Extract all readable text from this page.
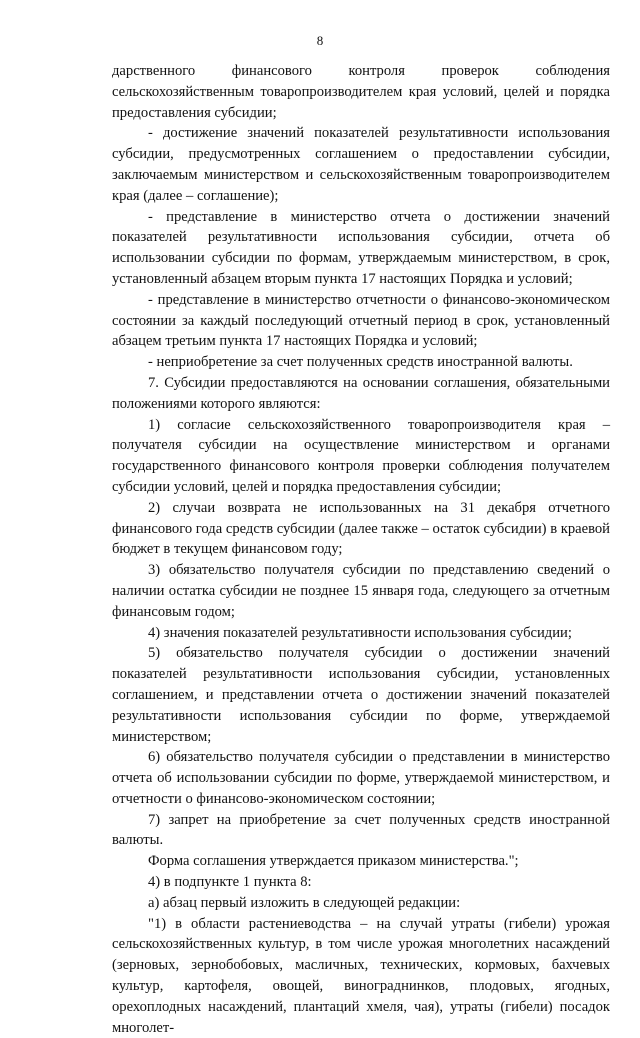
8

дарственного финансового контроля проверок соблюдения сельскохозяйственным товаропроизводителем края условий, целей и порядка предоставления субсидии;

- достижение значений показателей результативности использования субсидии, предусмотренных соглашением о предоставлении субсидии, заключаемым министерством и сельскохозяйственным товаропроизводителем края (далее – соглашение);

- представление в министерство отчета о достижении значений показателей результативности использования субсидии, отчета об использовании субсидии по формам, утверждаемым министерством, в срок, установленный абзацем вторым пункта 17 настоящих Порядка и условий;

- представление в министерство отчетности о финансово-экономическом состоянии за каждый последующий отчетный период в срок, установленный абзацем третьим пункта 17 настоящих Порядка и условий;

- неприобретение за счет полученных средств иностранной валюты.

7. Субсидии предоставляются на основании соглашения, обязательными положениями которого являются:

1) согласие сельскохозяйственного товаропроизводителя края – получателя субсидии на осуществление министерством и органами государственного финансового контроля проверки соблюдения получателем субсидии условий, целей и порядка предоставления субсидии;

2) случаи возврата не использованных на 31 декабря отчетного финансового года средств субсидии (далее также – остаток субсидии) в краевой бюджет в текущем финансовом году;

3) обязательство получателя субсидии по представлению сведений о наличии остатка субсидии не позднее 15 января года, следующего за отчетным финансовым годом;

4) значения показателей результативности использования субсидии;

5) обязательство получателя субсидии о достижении значений показателей результативности использования субсидии, установленных соглашением, и представлении отчета о достижении значений показателей результативности использования субсидии по форме, утверждаемой министерством;

6) обязательство получателя субсидии о представлении в министерство отчета об использовании субсидии по форме, утверждаемой министерством, и отчетности о финансово-экономическом состоянии;

7) запрет на приобретение за счет полученных средств иностранной валюты.

Форма соглашения утверждается приказом министерства.";

4) в подпункте 1 пункта 8:

а) абзац первый изложить в следующей редакции:

"1) в области растениеводства – на случай утраты (гибели) урожая сельскохозяйственных культур, в том числе урожая многолетних насаждений (зерновых, зернобобовых, масличных, технических, кормовых, бахчевых культур, картофеля, овощей, винограднинков, плодовых, ягодных, орехоплодных насаждений, плантаций хмеля, чая), утраты (гибели) посадок многолет-
